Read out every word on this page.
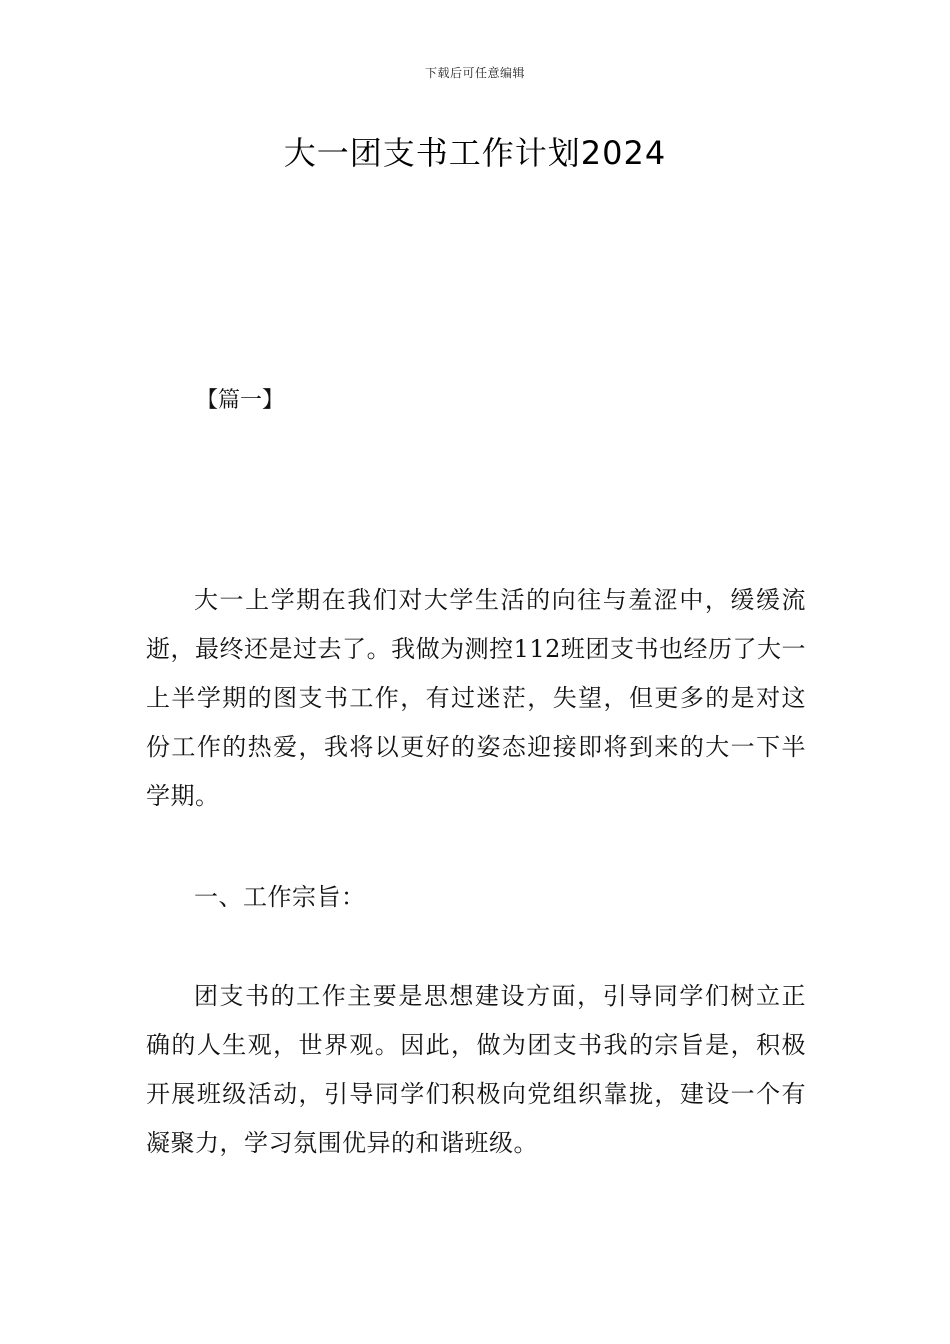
下载后可任意编辑
大一团支书工作计划2024

【篇一】

大一上学期在我们对大学生活的向往与羞涩中，缓缓流逝，最终还是过去了。我做为测控112班团支书也经历了大一上半学期的图支书工作，有过迷茫，失望，但更多的是对这份工作的热爱，我将以更好的姿态迎接即将到来的大一下半学期。

一、工作宗旨：

团支书的工作主要是思想建设方面，引导同学们树立正确的人生观，世界观。因此，做为团支书我的宗旨是，积极开展班级活动，引导同学们积极向党组织靠拢，建设一个有凝聚力，学习氛围优异的和谐班级。
